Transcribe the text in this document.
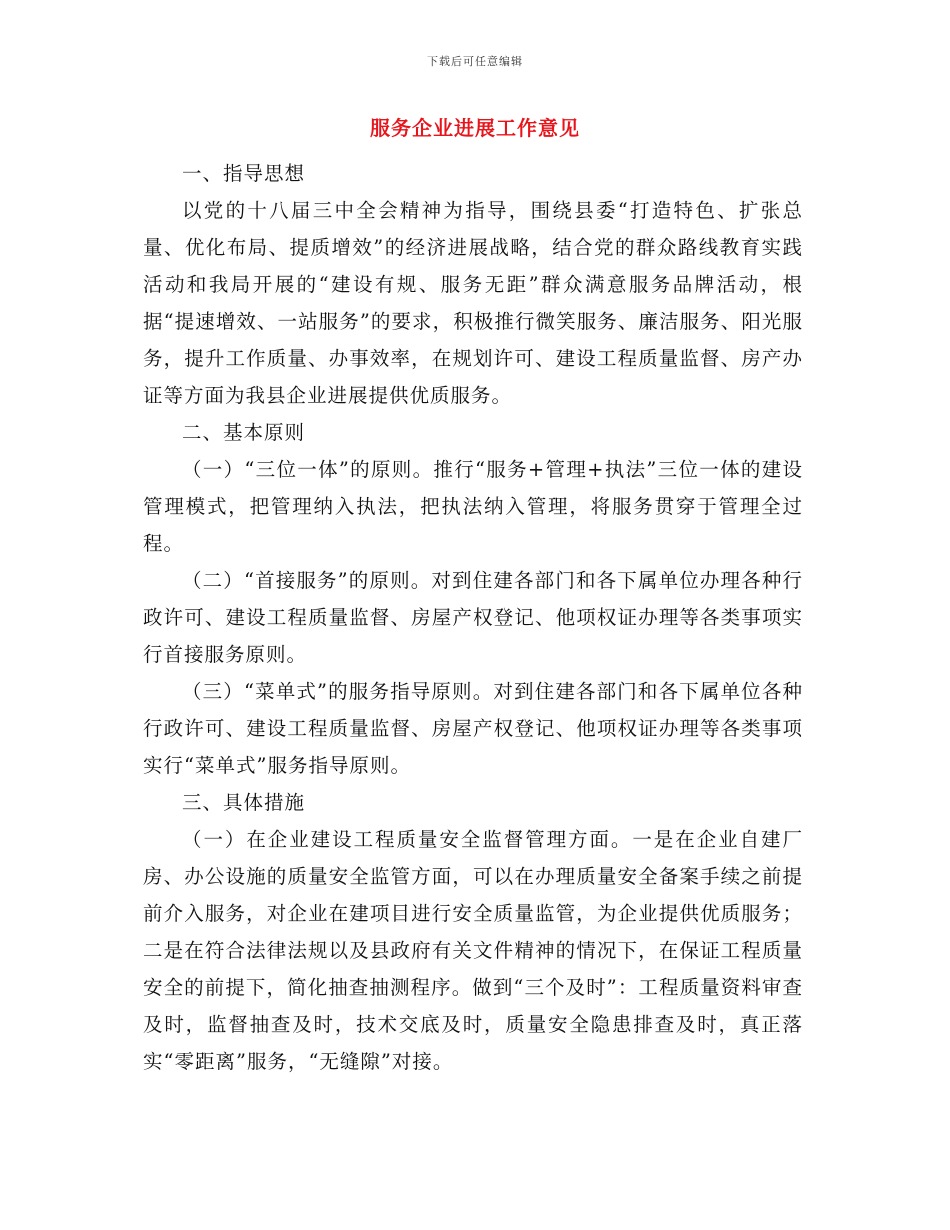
下载后可任意编辑
服务企业进展工作意见

一、指导思想

以党的十八届三中全会精神为指导，围绕县委“打造特色、扩张总量、优化布局、提质增效”的经济进展战略，结合党的群众路线教育实践活动和我局开展的“建设有规、服务无距”群众满意服务品牌活动，根据“提速增效、一站服务”的要求，积极推行微笑服务、廉洁服务、阳光服务，提升工作质量、办事效率，在规划许可、建设工程质量监督、房产办证等方面为我县企业进展提供优质服务。

二、基本原则

（一）“三位一体”的原则。推行“服务+管理+执法”三位一体的建设管理模式，把管理纳入执法，把执法纳入管理，将服务贯穿于管理全过程。

（二）“首接服务”的原则。对到住建各部门和各下属单位办理各种行政许可、建设工程质量监督、房屋产权登记、他项权证办理等各类事项实行首接服务原则。

（三）“菜单式”的服务指导原则。对到住建各部门和各下属单位各种行政许可、建设工程质量监督、房屋产权登记、他项权证办理等各类事项实行“菜单式”服务指导原则。

三、具体措施

（一）在企业建设工程质量安全监督管理方面。一是在企业自建厂房、办公设施的质量安全监管方面，可以在办理质量安全备案手续之前提前介入服务，对企业在建项目进行安全质量监管，为企业提供优质服务；二是在符合法律法规以及县政府有关文件精神的情况下，在保证工程质量安全的前提下，简化抽查抽测程序。做到“三个及时”：工程质量资料审查及时，监督抽查及时，技术交底及时，质量安全隐患排查及时，真正落实“零距离”服务，“无缝隙”对接。
